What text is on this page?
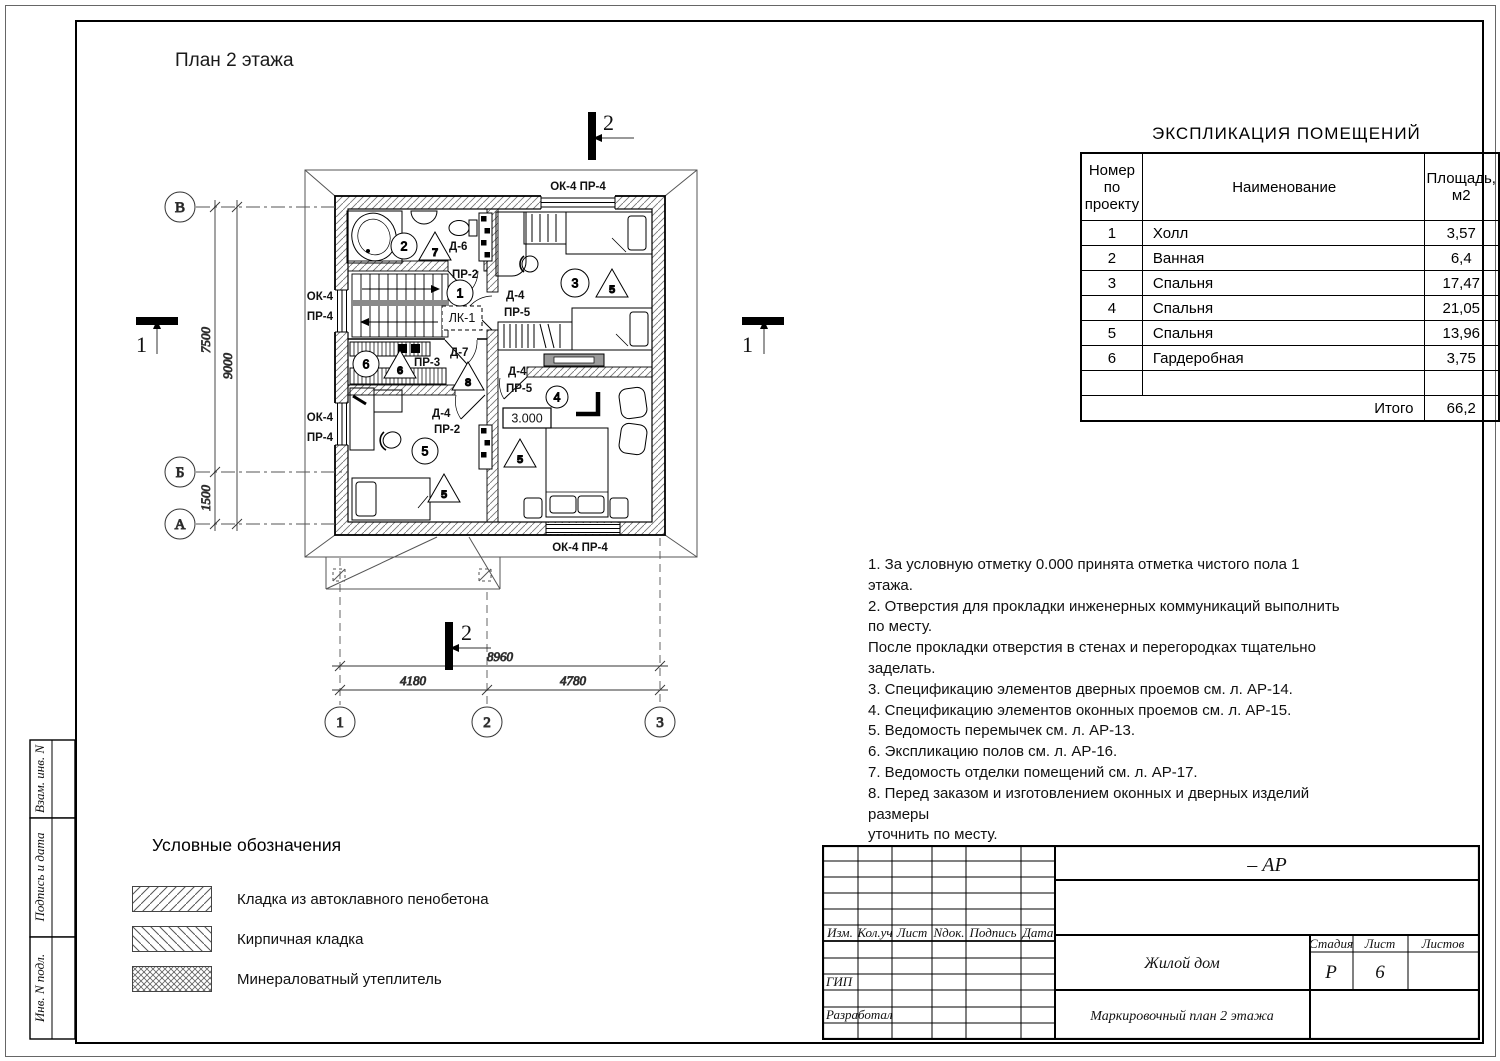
План 2 этажа
3.000
1
2
3
4
5
6
7
5
8
6
5
5
ОК-4 ПР-4
ОК-4 ПР-4
ОК-4
ПР-4
ОК-4
ПР-4
Д-6
ПР-2
ЛК-1
Д-4
ПР-5
Д-4
ПР-5
Д-7
ПР-3
Д-4
ПР-2
7500
1500
9000
8960
4180	4780
В
Б
А
1	2	3
2
2
1	1
ЭКСПЛИКАЦИЯ ПОМЕЩЕНИЙ
Номер по проекту	Наименование	Площадь, м2
1	Холл	3,57
2	Ванная	6,4
3	Спальня	17,47
4	Спальня	21,05
5	Спальня	13,96
6	Гардеробная	3,75

Итого		66,2
1. За условную отметку 0.000 принята отметка чистого пола 1 этажа.
2. Отверстия для прокладки инженерных коммуникаций выполнить по месту.
После прокладки отверстия в стенах и перегородках тщательно заделать.
3. Спецификацию элементов дверных проемов см. л. АР-14.
4. Спецификацию элементов оконных проемов см. л. АР-15.
5. Ведомость перемычек см. л. АР-13.
6. Экспликацию полов см. л. АР-16.
7. Ведомость отделки помещений см. л. АР-17.
8. Перед заказом и изготовлением оконных и дверных изделий размеры
уточнить по месту.
Условные обозначения
Кладка из автоклавного пенобетона
Кирпичная кладка
Минераловатный утеплитель
– АР
Изм. Кол.уч Лист Nдок. Подпись Дата
ГИП
Разработал
Жилой дом
Маркировочный план 2 этажа
Стадия Лист Листов
Р 6
Взам. инв. N
Подпись и дата
Инв. N подл.
